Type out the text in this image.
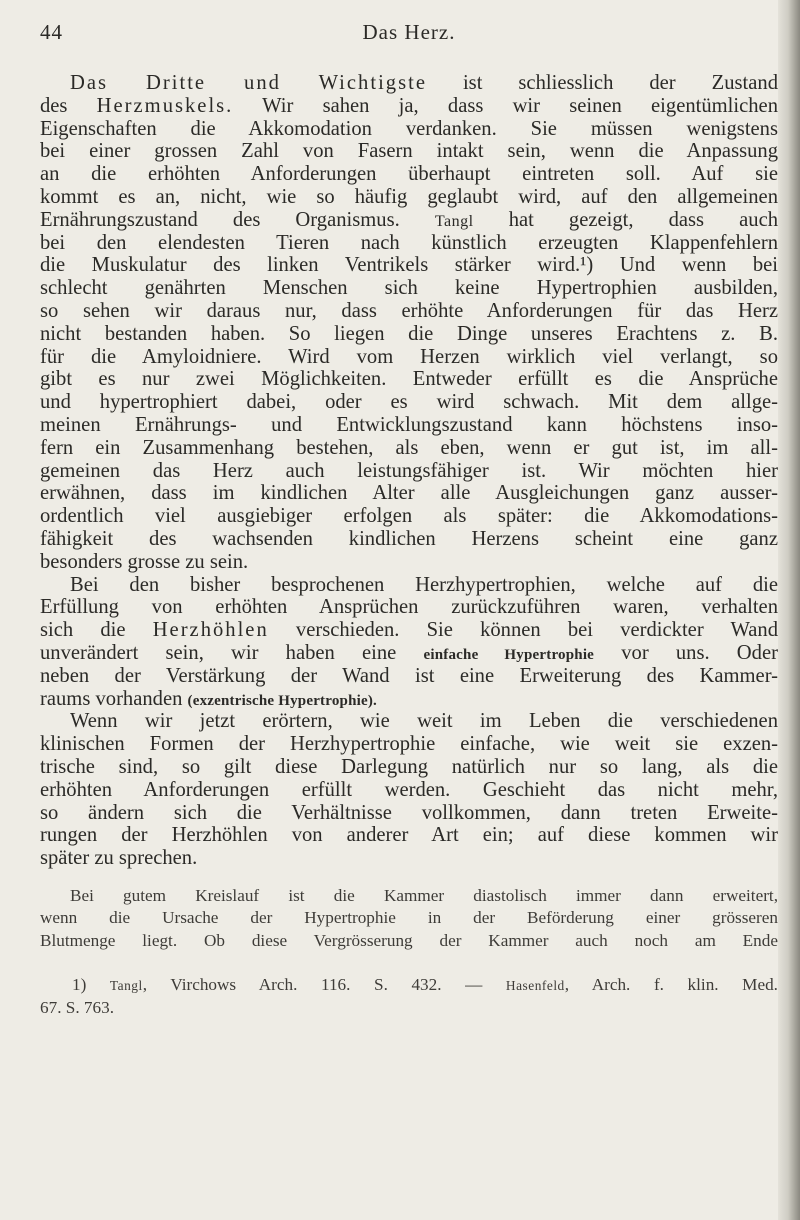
44	Das Herz.
Das Dritte und Wichtigste ist schliesslich der Zustand
des Herzmuskels. Wir sahen ja, dass wir seinen eigentümlichen
Eigenschaften die Akkomodation verdanken. Sie müssen wenigstens
bei einer grossen Zahl von Fasern intakt sein, wenn die Anpassung
an die erhöhten Anforderungen überhaupt eintreten soll. Auf sie
kommt es an, nicht, wie so häufig geglaubt wird, auf den allgemeinen
Ernährungszustand des Organismus. Tangl hat gezeigt, dass auch
bei den elendesten Tieren nach künstlich erzeugten Klappenfehlern
die Muskulatur des linken Ventrikels stärker wird.¹) Und wenn bei
schlecht genährten Menschen sich keine Hypertrophien ausbilden,
so sehen wir daraus nur, dass erhöhte Anforderungen für das Herz
nicht bestanden haben. So liegen die Dinge unseres Erachtens z. B.
für die Amyloidniere. Wird vom Herzen wirklich viel verlangt, so
gibt es nur zwei Möglichkeiten. Entweder erfüllt es die Ansprüche
und hypertrophiert dabei, oder es wird schwach. Mit dem allge-
meinen Ernährungs- und Entwicklungszustand kann höchstens inso-
fern ein Zusammenhang bestehen, als eben, wenn er gut ist, im all-
gemeinen das Herz auch leistungsfähiger ist. Wir möchten hier
erwähnen, dass im kindlichen Alter alle Ausgleichungen ganz ausser-
ordentlich viel ausgiebiger erfolgen als später: die Akkomodations-
fähigkeit des wachsenden kindlichen Herzens scheint eine ganz
besonders grosse zu sein.
Bei den bisher besprochenen Herzhypertrophien, welche auf die
Erfüllung von erhöhten Ansprüchen zurückzuführen waren, verhalten
sich die Herzhöhlen verschieden. Sie können bei verdickter Wand
unverändert sein, wir haben eine einfache Hypertrophie vor uns. Oder
neben der Verstärkung der Wand ist eine Erweiterung des Kammer-
raums vorhanden (exzentrische Hypertrophie).
Wenn wir jetzt erörtern, wie weit im Leben die verschiedenen
klinischen Formen der Herzhypertrophie einfache, wie weit sie exzen-
trische sind, so gilt diese Darlegung natürlich nur so lang, als die
erhöhten Anforderungen erfüllt werden. Geschieht das nicht mehr,
so ändern sich die Verhältnisse vollkommen, dann treten Erweite-
rungen der Herzhöhlen von anderer Art ein; auf diese kommen wir
später zu sprechen.
Bei gutem Kreislauf ist die Kammer diastolisch immer dann erweitert,
wenn die Ursache der Hypertrophie in der Beförderung einer grösseren
Blutmenge liegt. Ob diese Vergrösserung der Kammer auch noch am Ende
1) Tangl, Virchows Arch. 116. S. 432. — Hasenfeld, Arch. f. klin. Med.
67. S. 763.
